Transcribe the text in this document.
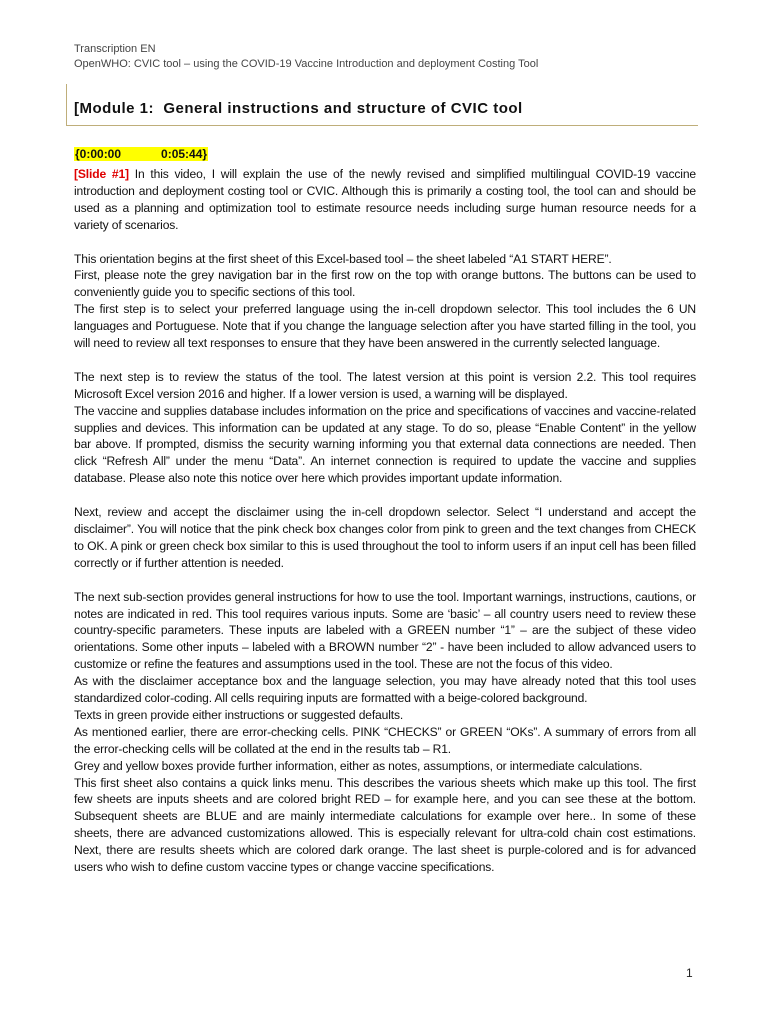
Transcription EN
OpenWHO: CVIC tool – using the COVID-19 Vaccine Introduction and deployment Costing Tool
[Module 1:  General instructions and structure of CVIC tool
{0:00:00            0:05:44}

[Slide #1] In this video, I will explain the use of the newly revised and simplified multilingual COVID-19 vaccine introduction and deployment costing tool or CVIC. Although this is primarily a costing tool, the tool can and should be used as a planning and optimization tool to estimate resource needs including surge human resource needs for a variety of scenarios.

This orientation begins at the first sheet of this Excel-based tool – the sheet labeled “A1 START HERE”.

First, please note the grey navigation bar in the first row on the top with orange buttons. The buttons can be used to conveniently guide you to specific sections of this tool.

The first step is to select your preferred language using the in-cell dropdown selector. This tool includes the 6 UN languages and Portuguese. Note that if you change the language selection after you have started filling in the tool, you will need to review all text responses to ensure that they have been answered in the currently selected language.

The next step is to review the status of the tool. The latest version at this point is version 2.2. This tool requires Microsoft Excel version 2016 and higher. If a lower version is used, a warning will be displayed.

The vaccine and supplies database includes information on the price and specifications of vaccines and vaccine-related supplies and devices. This information can be updated at any stage. To do so, please “Enable Content” in the yellow bar above. If prompted, dismiss the security warning informing you that external data connections are needed. Then click “Refresh All” under the menu “Data”. An internet connection is required to update the vaccine and supplies database. Please also note this notice over here which provides important update information.

Next, review and accept the disclaimer using the in-cell dropdown selector. Select “I understand and accept the disclaimer”. You will notice that the pink check box changes color from pink to green and the text changes from CHECK to OK. A pink or green check box similar to this is used throughout the tool to inform users if an input cell has been filled correctly or if further attention is needed.

The next sub-section provides general instructions for how to use the tool. Important warnings, instructions, cautions, or notes are indicated in red. This tool requires various inputs. Some are ‘basic’ – all country users need to review these country-specific parameters. These inputs are labeled with a GREEN number “1” – are the subject of these video orientations. Some other inputs – labeled with a BROWN number “2” - have been included to allow advanced users to customize or refine the features and assumptions used in the tool. These are not the focus of this video.

As with the disclaimer acceptance box and the language selection, you may have already noted that this tool uses standardized color-coding. All cells requiring inputs are formatted with a beige-colored background.

Texts in green provide either instructions or suggested defaults.

As mentioned earlier, there are error-checking cells. PINK “CHECKS” or GREEN “OKs”. A summary of errors from all the error-checking cells will be collated at the end in the results tab – R1.

Grey and yellow boxes provide further information, either as notes, assumptions, or intermediate calculations.

This first sheet also contains a quick links menu. This describes the various sheets which make up this tool. The first few sheets are inputs sheets and are colored bright RED – for example here, and you can see these at the bottom. Subsequent sheets are BLUE and are mainly intermediate calculations for example over here.. In some of these sheets, there are advanced customizations allowed. This is especially relevant for ultra-cold chain cost estimations. Next, there are results sheets which are colored dark orange. The last sheet is purple-colored and is for advanced users who wish to define custom vaccine types or change vaccine specifications.

1
